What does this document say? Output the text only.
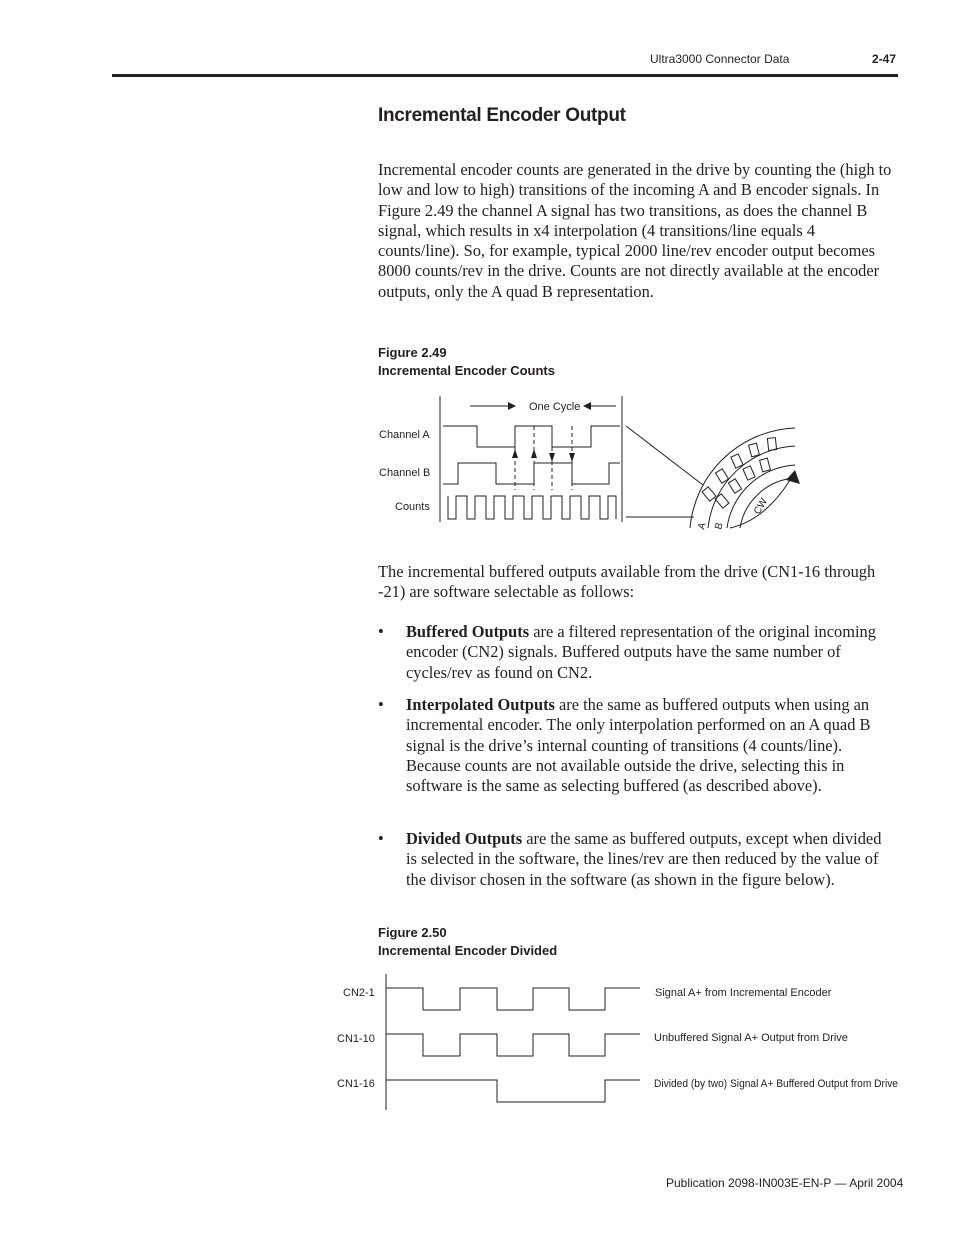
Ultra3000 Connector Data	2-47
Incremental Encoder Output

Incremental encoder counts are generated in the drive by counting the (high to low and low to high) transitions of the incoming A and B encoder signals. In Figure 2.49 the channel A signal has two transitions, as does the channel B signal, which results in x4 interpolation (4 transitions/line equals 4 counts/line). So, for example, typical 2000 line/rev encoder output becomes 8000 counts/rev in the drive. Counts are not directly available at the encoder outputs, only the A quad B representation.

Figure 2.49
Incremental Encoder Counts
Channel A
Channel B
Counts
One Cycle
A B
CW

The incremental buffered outputs available from the drive (CN1-16 through -21) are software selectable as follows:

• Buffered Outputs are a filtered representation of the original incoming encoder (CN2) signals. Buffered outputs have the same number of cycles/rev as found on CN2.
• Interpolated Outputs are the same as buffered outputs when using an incremental encoder. The only interpolation performed on an A quad B signal is the drive’s internal counting of transitions (4 counts/line). Because counts are not available outside the drive, selecting this in software is the same as selecting buffered (as described above).
• Divided Outputs are the same as buffered outputs, except when divided is selected in the software, the lines/rev are then reduced by the value of the divisor chosen in the software (as shown in the figure below).
Figure 2.50
Incremental Encoder Divided
CN2-1
CN1-10
CN1-16
Signal A+ from Incremental Encoder
Unbuffered Signal A+ Output from Drive
Divided (by two) Signal A+ Buffered Output from Drive
Publication 2098-IN003E-EN-P — April 2004
